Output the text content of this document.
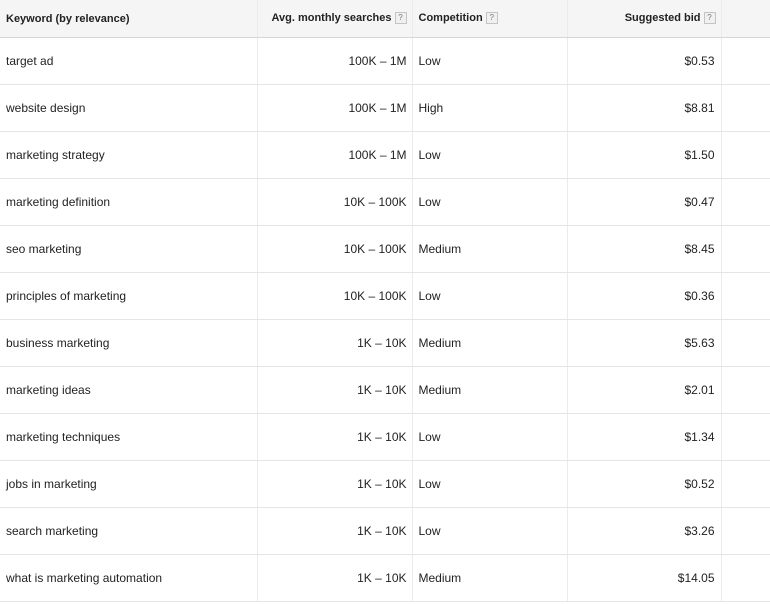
Keyword (by relevance)	Avg. monthly searches ?	Competition ?	Suggested bid ?	
target ad	100K – 1M	Low	$0.53	
website design	100K – 1M	High	$8.81	
marketing strategy	100K – 1M	Low	$1.50	
marketing definition	10K – 100K	Low	$0.47	
seo marketing	10K – 100K	Medium	$8.45	
principles of marketing	10K – 100K	Low	$0.36	
business marketing	1K – 10K	Medium	$5.63	
marketing ideas	1K – 10K	Medium	$2.01	
marketing techniques	1K – 10K	Low	$1.34	
jobs in marketing	1K – 10K	Low	$0.52	
search marketing	1K – 10K	Low	$3.26	
what is marketing automation	1K – 10K	Medium	$14.05	
